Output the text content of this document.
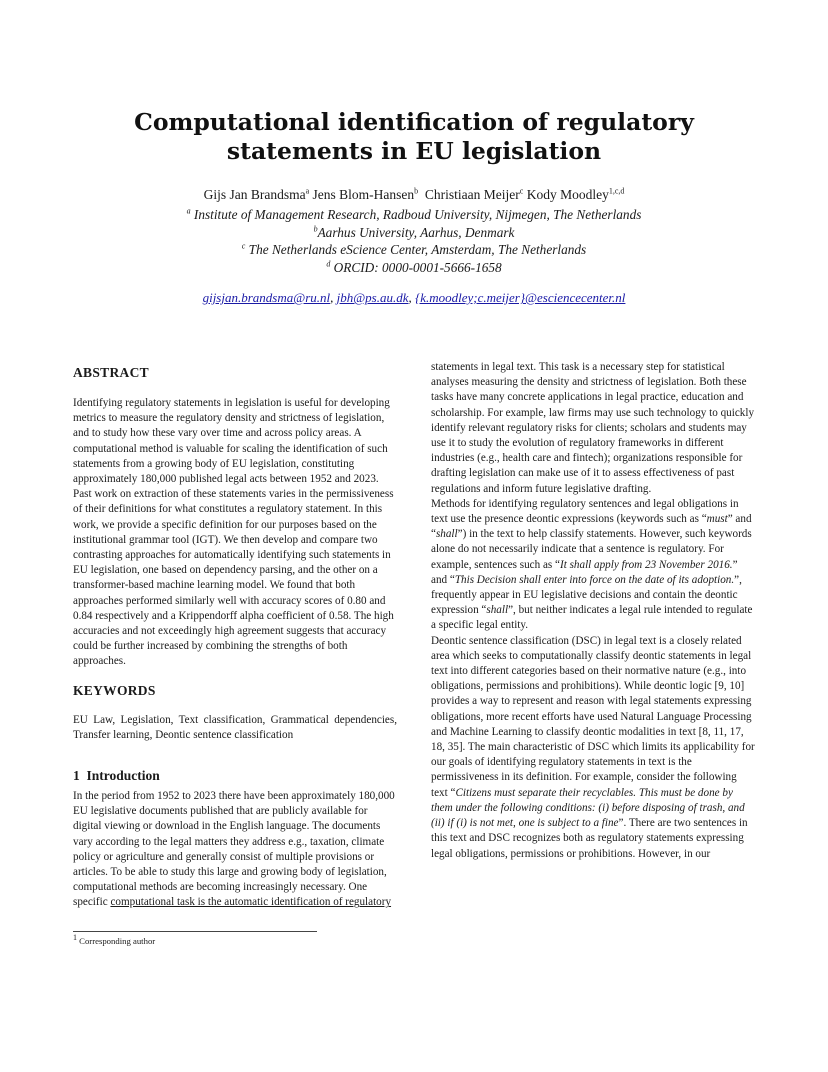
Computational identification of regulatory statements in EU legislation
Gijs Jan Brandsma$^a$ Jens Blom-Hansen$^b$ Christiaan Meijer$^c$ Kody Moodley$^{1,c,d}$
$^a$ Institute of Management Research, Radboud University, Nijmegen, The Netherlands
$^b$Aarhus University, Aarhus, Denmark
$^c$ The Netherlands eScience Center, Amsterdam, The Netherlands
$^d$ ORCID: 0000-0001-5666-1658
gijsjan.brandsma@ru.nl, jbh@ps.au.dk, {k.moodley;c.meijer}@esciencecenter.nl
ABSTRACT

Identifying regulatory statements in legislation is useful for developing metrics to measure the regulatory density and strictness of legislation, and to study how these vary over time and across policy areas. A computational method is valuable for scaling the identification of such statements from a growing body of EU legislation, constituting approximately 180,000 published legal acts between 1952 and 2023. Past work on extraction of these statements varies in the permissiveness of their definitions for what constitutes a regulatory statement. In this work, we provide a specific definition for our purposes based on the institutional grammar tool (IGT). We then develop and compare two contrasting approaches for automatically identifying such statements in EU legislation, one based on dependency parsing, and the other on a transformer-based machine learning model. We found that both approaches performed similarly well with accuracy scores of 0.80 and 0.84 respectively and a Krippendorff alpha coefficient of 0.58. The high accuracies and not exceedingly high agreement suggests that accuracy could be further increased by combining the strengths of both approaches.

KEYWORDS

EU Law, Legislation, Text classification, Grammatical dependencies, Transfer learning, Deontic sentence classification

1 Introduction

In the period from 1952 to 2023 there have been approximately 180,000 EU legislative documents published that are publicly available for digital viewing or download in the English language. The documents vary according to the legal matters they address e.g., taxation, climate policy or agriculture and generally consist of multiple provisions or articles. To be able to study this large and growing body of legislation, computational methods are becoming increasingly necessary. One specific computational task is the automatic identification of regulatory

$^1$ Corresponding author

statements in legal text. This task is a necessary step for statistical analyses measuring the density and strictness of legislation. Both these tasks have many concrete applications in legal practice, education and scholarship. For example, law firms may use such technology to quickly identify relevant regulatory risks for clients; scholars and students may use it to study the evolution of regulatory frameworks in different industries (e.g., health care and fintech); organizations responsible for drafting legislation can make use of it to assess effectiveness of past regulations and inform future legislative drafting.

Methods for identifying regulatory sentences and legal obligations in text use the presence deontic expressions (keywords such as “must” and “shall”) in the text to help classify statements. However, such keywords alone do not necessarily indicate that a sentence is regulatory. For example, sentences such as “It shall apply from 23 November 2016.” and “This Decision shall enter into force on the date of its adoption.”, frequently appear in EU legislative decisions and contain the deontic expression “shall”, but neither indicates a legal rule intended to regulate a specific legal entity.

Deontic sentence classification (DSC) in legal text is a closely related area which seeks to computationally classify deontic statements in legal text into different categories based on their normative nature (e.g., into obligations, permissions and prohibitions). While deontic logic [9, 10] provides a way to represent and reason with legal statements expressing obligations, more recent efforts have used Natural Language Processing and Machine Learning to classify deontic modalities in text [8, 11, 17, 18, 35]. The main characteristic of DSC which limits its applicability for our goals of identifying regulatory statements in text is the permissiveness in its definition. For example, consider the following text “Citizens must separate their recyclables. This must be done by them under the following conditions: (i) before disposing of trash, and (ii) if (i) is not met, one is subject to a fine”. There are two sentences in this text and DSC recognizes both as regulatory statements expressing legal obligations, permissions or prohibitions. However, in our
